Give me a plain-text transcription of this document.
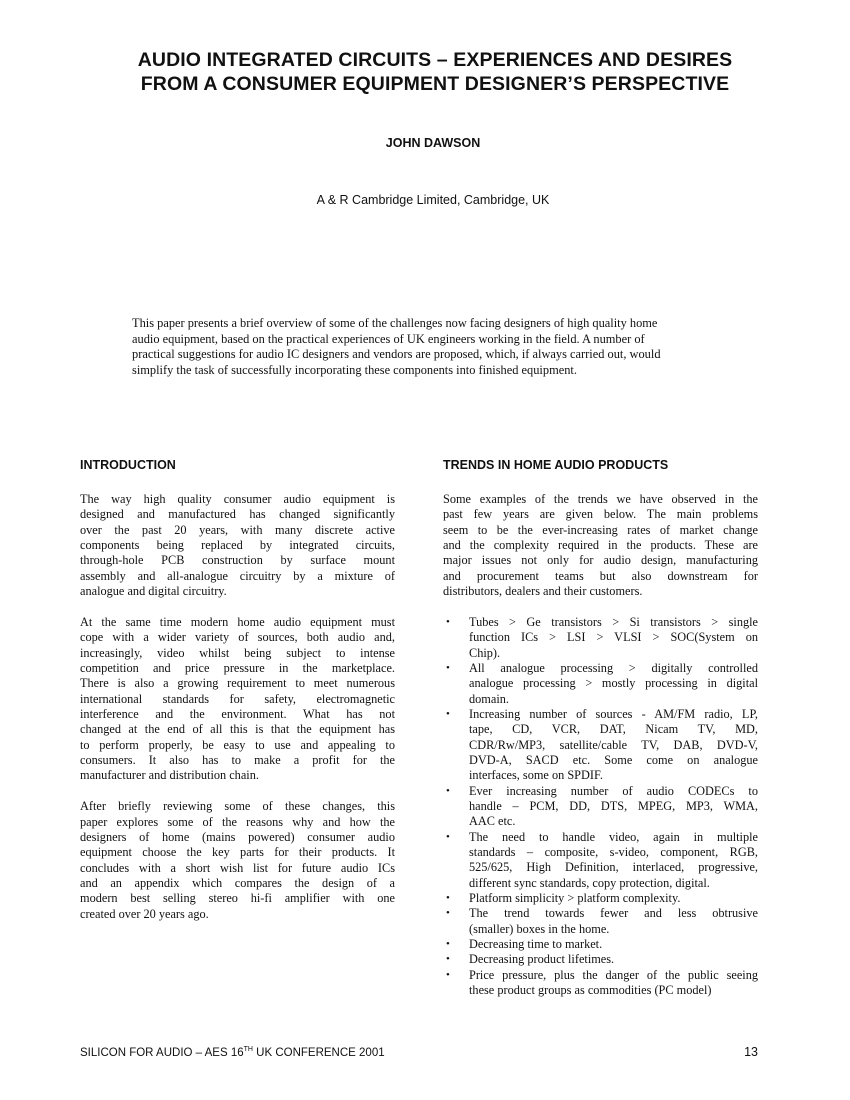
AUDIO INTEGRATED CIRCUITS – EXPERIENCES AND DESIRES
FROM A CONSUMER EQUIPMENT DESIGNER’S PERSPECTIVE
JOHN DAWSON
A & R Cambridge Limited, Cambridge, UK
This paper presents a brief overview of some of the challenges now facing designers of high quality home
audio equipment, based on the practical experiences of UK engineers working in the field. A number of
practical suggestions for audio IC designers and vendors are proposed, which, if always carried out, would
simplify the task of successfully incorporating these components into finished equipment.
INTRODUCTION
The way high quality consumer audio equipment is
designed and manufactured has changed significantly
over the past 20 years, with many discrete active
components being replaced by integrated circuits,
through-hole PCB construction by surface mount
assembly and all-analogue circuitry by a mixture of
analogue and digital circuitry.
At the same time modern home audio equipment must
cope with a wider variety of sources, both audio and,
increasingly, video whilst being subject to intense
competition and price pressure in the marketplace.
There is also a growing requirement to meet numerous
international standards for safety, electromagnetic
interference and the environment. What has not
changed at the end of all this is that the equipment has
to perform properly, be easy to use and appealing to
consumers. It also has to make a profit for the
manufacturer and distribution chain.
After briefly reviewing some of these changes, this
paper explores some of the reasons why and how the
designers of home (mains powered) consumer audio
equipment choose the key parts for their products. It
concludes with a short wish list for future audio ICs
and an appendix which compares the design of a
modern best selling stereo hi-fi amplifier with one
created over 20 years ago.
TRENDS IN HOME AUDIO PRODUCTS
Some examples of the trends we have observed in the
past few years are given below. The main problems
seem to be the ever-increasing rates of market change
and the complexity required in the products. These are
major issues not only for audio design, manufacturing
and procurement teams but also downstream for
distributors, dealers and their customers.
• Tubes > Ge transistors > Si transistors > single
function ICs > LSI > VLSI > SOC(System on
Chip).
• All analogue processing > digitally controlled
analogue processing > mostly processing in digital
domain.
• Increasing number of sources - AM/FM radio, LP,
tape, CD, VCR, DAT, Nicam TV, MD,
CDR/Rw/MP3, satellite/cable TV, DAB, DVD-V,
DVD-A, SACD etc. Some come on analogue
interfaces, some on SPDIF.
• Ever increasing number of audio CODECs to
handle – PCM, DD, DTS, MPEG, MP3, WMA,
AAC etc.
• The need to handle video, again in multiple
standards – composite, s-video, component, RGB,
525/625, High Definition, interlaced, progressive,
different sync standards, copy protection, digital.
• Platform simplicity > platform complexity.
• The trend towards fewer and less obtrusive
(smaller) boxes in the home.
• Decreasing time to market.
• Decreasing product lifetimes.
• Price pressure, plus the danger of the public seeing
these product groups as commodities (PC model)
SILICON FOR AUDIO – AES 16TH UK CONFERENCE 2001	13
